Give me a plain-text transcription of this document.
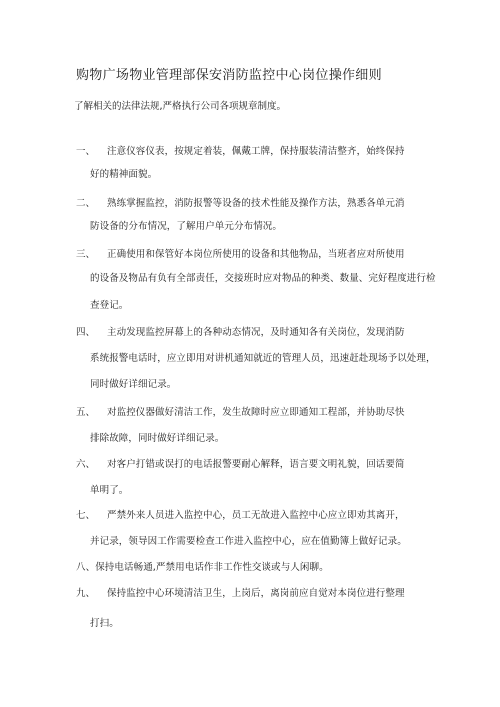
购物广场物业管理部保安消防监控中心岗位操作细则
了解相关的法律法规,严格执行公司各项规章制度。
一、 注意仪容仪表，按规定着装，佩戴工牌，保持服装清洁整齐，始终保持
好的精神面貌。
二、 熟练掌握监控，消防报警等设备的技术性能及操作方法，熟悉各单元消
防设备的分布情况，了解用户单元分布情况。
三、 正确使用和保管好本岗位所使用的设备和其他物品，当班者应对所使用
的设备及物品有负有全部责任，交接班时应对物品的种类、数量、完好程度进行检
查登记。
四、 主动发现监控屏幕上的各种动态情况，及时通知各有关岗位，发现消防
系统报警电话时，应立即用对讲机通知就近的管理人员，迅速赶赴现场予以处理，
同时做好详细记录。
五、 对监控仪器做好清洁工作，发生故障时应立即通知工程部，并协助尽快
排除故障，同时做好详细记录。
六、 对客户打错或误打的电话报警要耐心解释，语言要文明礼貌，回话要简
单明了。
七、 严禁外来人员进入监控中心，员工无故进入监控中心应立即劝其离开，
并记录，领导因工作需要检查工作进入监控中心，应在值勤簿上做好记录。
八、保持电话畅通,严禁用电话作非工作性交谈或与人闲聊。
九、 保持监控中心环境清洁卫生，上岗后，离岗前应自觉对本岗位进行整理
打扫。
